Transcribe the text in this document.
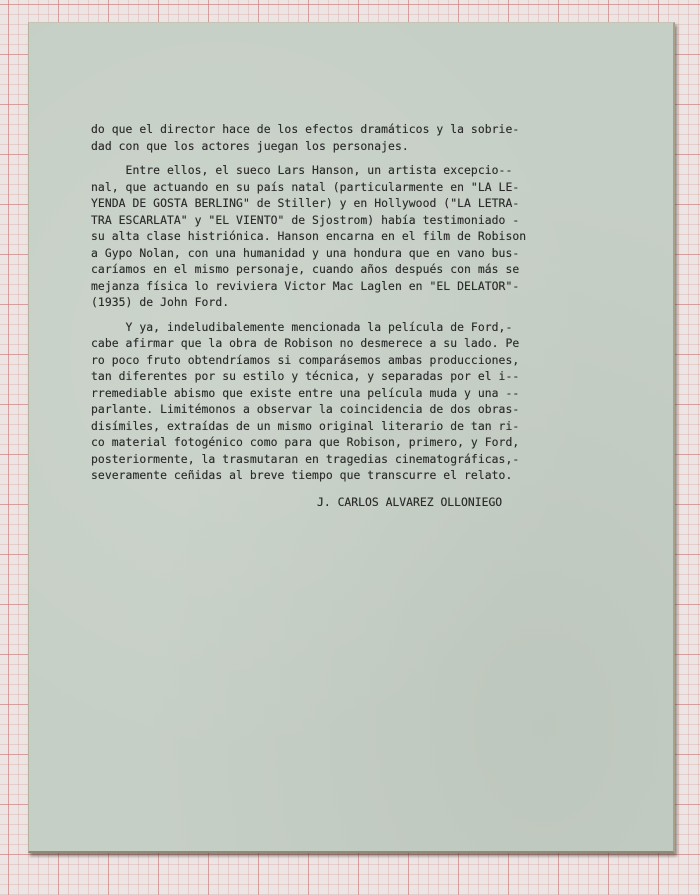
do que el director hace de los efectos dramáticos y la sobrie-
dad con que los actores juegan los personajes.
Entre ellos, el sueco Lars Hanson, un artista excepcio--
nal, que actuando en su país natal (particularmente en "LA LE-
YENDA DE GOSTA BERLING" de Stiller) y en Hollywood ("LA LETRA-
TRA ESCARLATA" y "EL VIENTO" de Sjostrom) había testimoniado -
su alta clase histriónica. Hanson encarna en el film de Robison
a Gypo Nolan, con una humanidad y una hondura que en vano bus-
caríamos en el mismo personaje, cuando años después con más se
mejanza física lo reviviera Victor Mac Laglen en "EL DELATOR"-
(1935) de John Ford.
Y ya, indeludibalemente mencionada la película de Ford,-
cabe afirmar que la obra de Robison no desmerece a su lado. Pe
ro poco fruto obtendríamos si comparásemos ambas producciones,
tan diferentes por su estilo y técnica, y separadas por el i--
rremediable abismo que existe entre una película muda y una --
parlante. Limitémonos a observar la coincidencia de dos obras-
disímiles, extraídas de un mismo original literario de tan ri-
co material fotogénico como para que Robison, primero, y Ford,
posteriormente, la trasmutaran en tragedias cinematográficas,-
severamente ceñidas al breve tiempo que transcurre el relato.
J. CARLOS ALVAREZ OLLONIEGO
